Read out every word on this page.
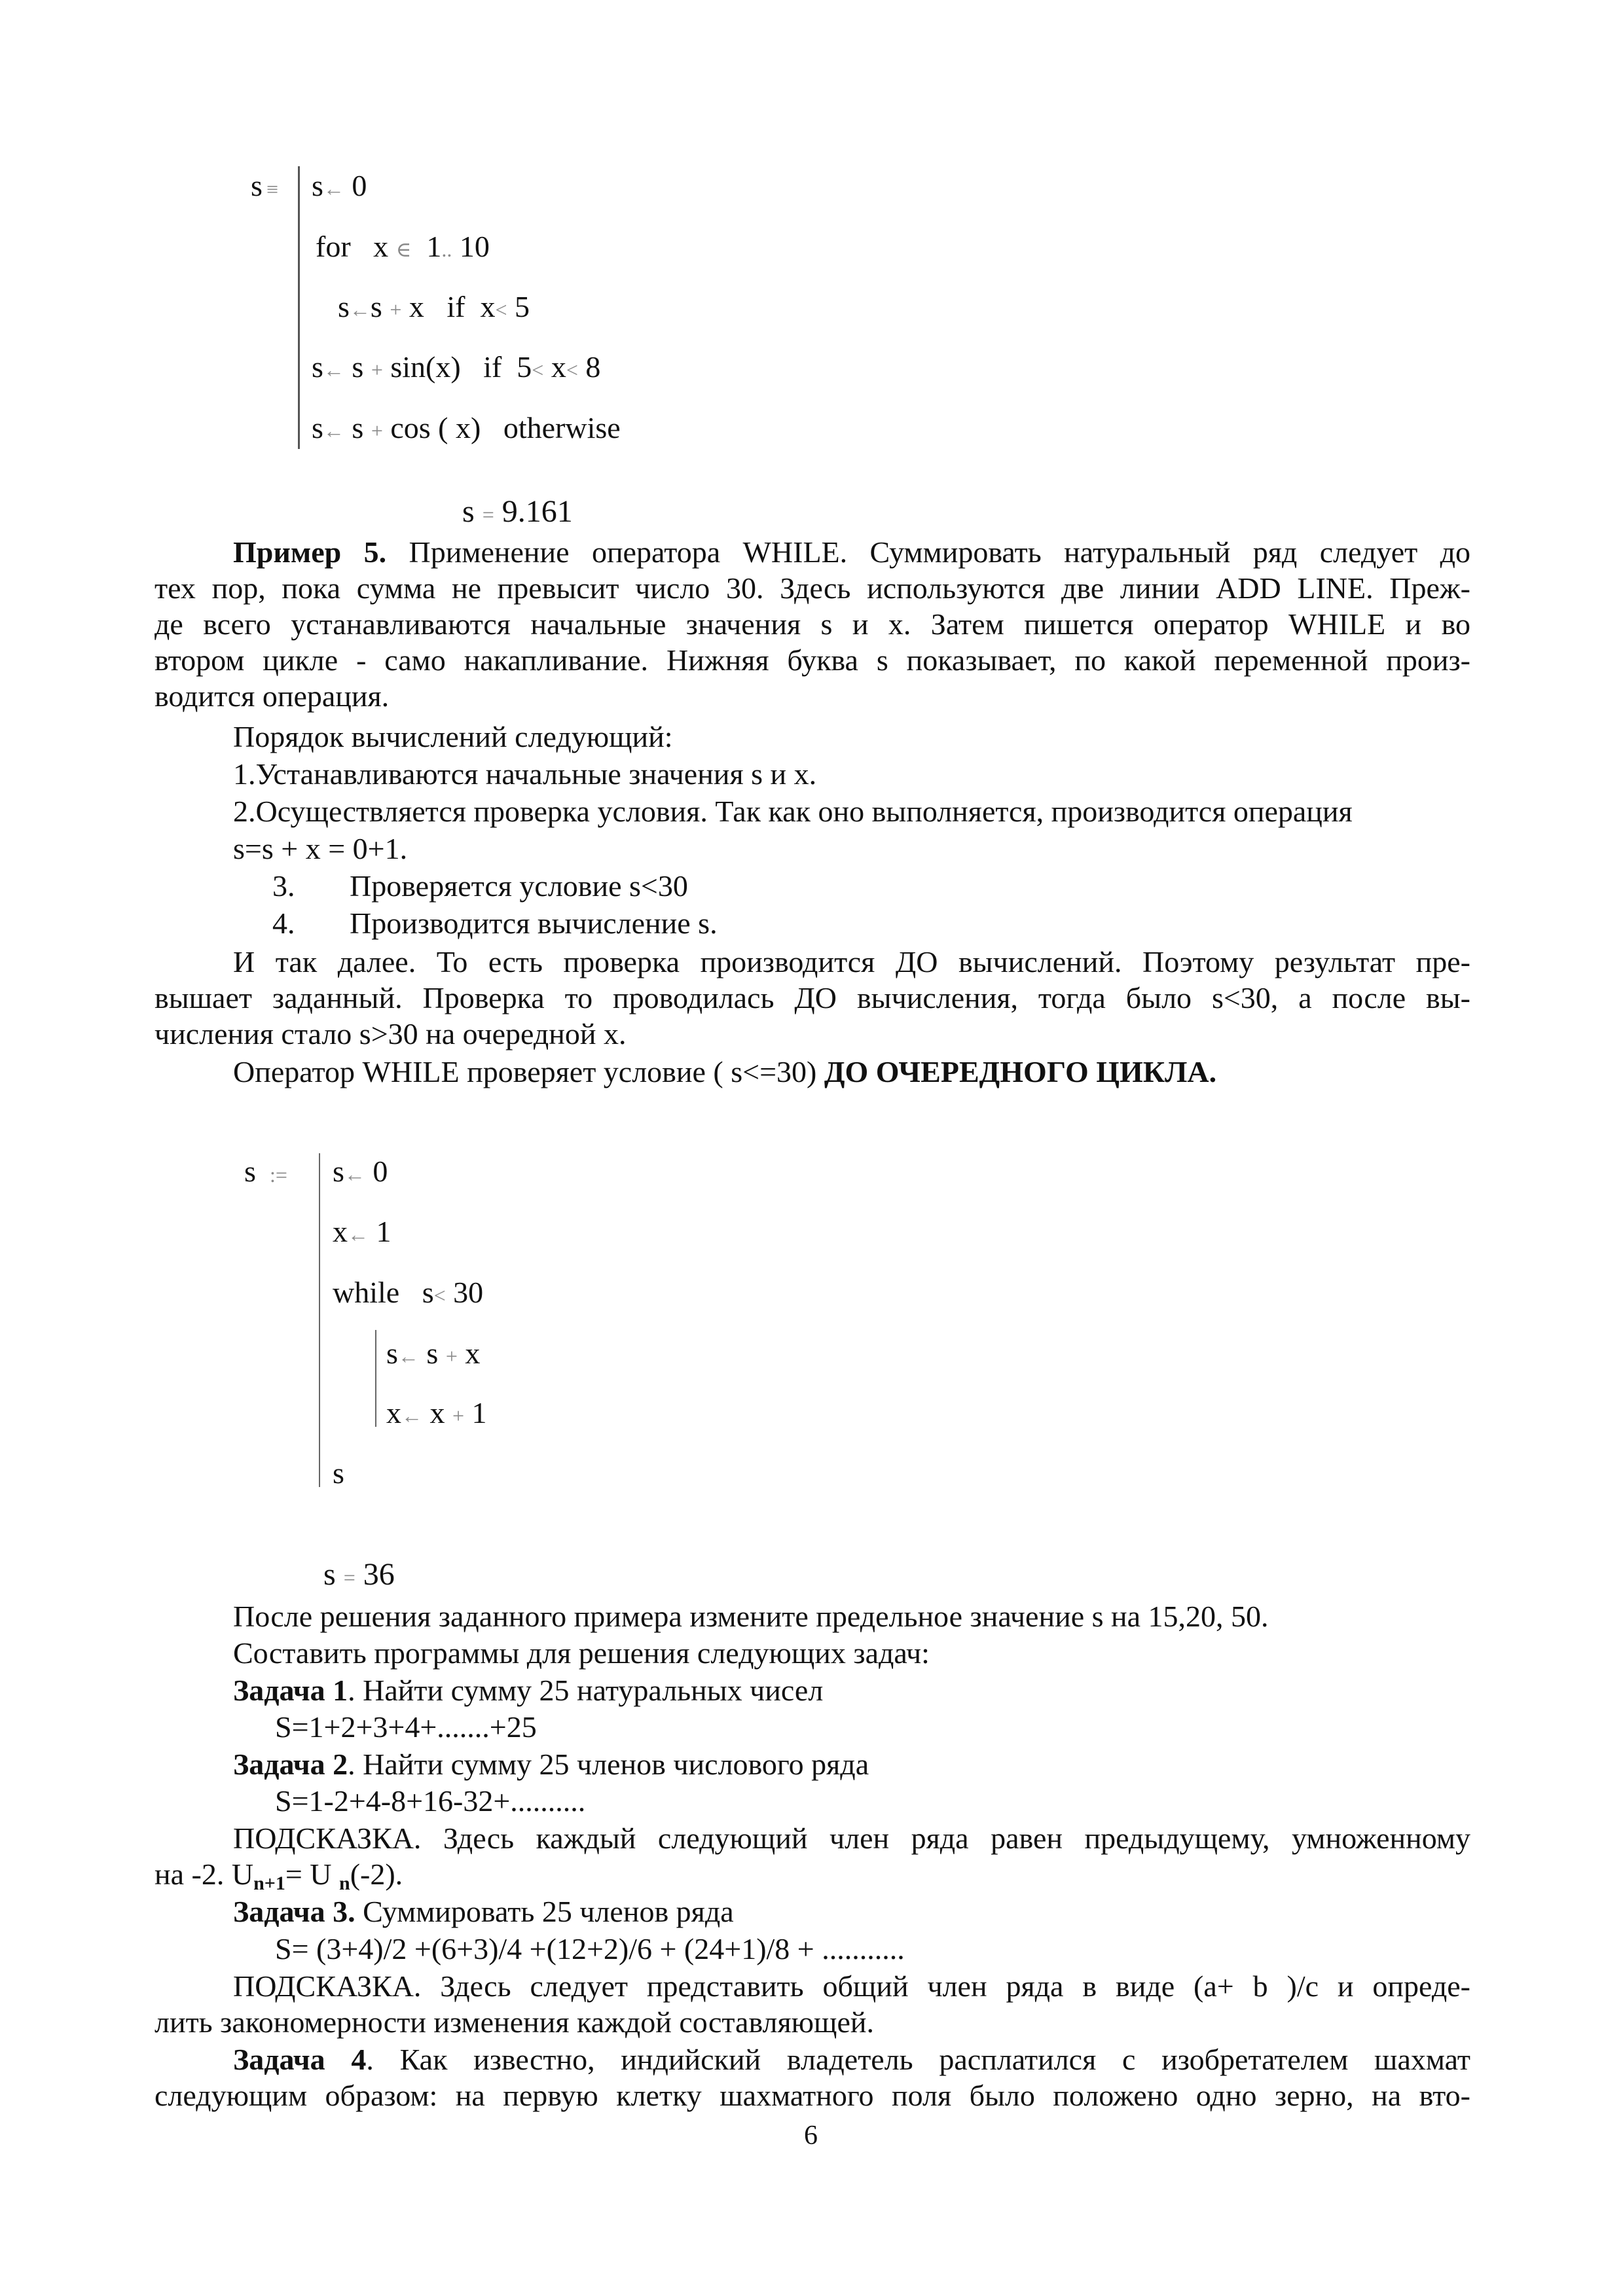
s ≡ s← 0
for x ∈ 1.. 10
s←s + x if x< 5
s← s + sin(x) if 5< x< 8
s← s + cos ( x) otherwise
s = 9.161
Пример 5. Применение оператора WHILE. Суммировать натуральный ряд следует до
тех пор, пока сумма не превысит число 30. Здесь используются две линии ADD LINE. Преж-
де всего устанавливаются начальные значения s и x. Затем пишется оператор WHILE и во
втором цикле - само накапливание. Нижняя буква s показывает, по какой переменной произ-
водится операция.
Порядок вычислений следующий:
1.Устанавливаются начальные значения s и x.
2.Осуществляется проверка условия. Так как оно выполняется, производится операция
s=s + x = 0+1.
3. Проверяется условие s<30
4. Производится вычисление s.
И так далее. То есть проверка производится ДО вычислений. Поэтому результат пре-
вышает заданный. Проверка то проводилась ДО вычисления, тогда было s<30, а после вы-
числения стало s>30 на очередной x.
Оператор WHILE проверяет условие ( s<=30) ДО ОЧЕРЕДНОГО ЦИКЛА.
s := s← 0
x← 1
while s< 30
s← s + x
x← x + 1
s
s = 36
После решения заданного примера измените предельное значение s на 15,20, 50.
Составить программы для решения следующих задач:
Задача 1. Найти сумму 25 натуральных чисел
S=1+2+3+4+.......+25
Задача 2. Найти сумму 25 членов числового ряда
S=1-2+4-8+16-32+..........
ПОДСКАЗКА. Здесь каждый следующий член ряда равен предыдущему, умноженному
на -2. $U_{n+1}= U$ $_n$(-2).
Задача 3. Суммировать 25 членов ряда
S= (3+4)/2 +(6+3)/4 +(12+2)/6 + (24+1)/8 + ...........
ПОДСКАЗКА. Здесь следует представить общий член ряда в виде (a+ b )/c и опреде-
лить закономерности изменения каждой составляющей.
Задача 4. Как известно, индийский владетель расплатился с изобретателем шахмат
следующим образом: на первую клетку шахматного поля было положено одно зерно, на вто-
6
